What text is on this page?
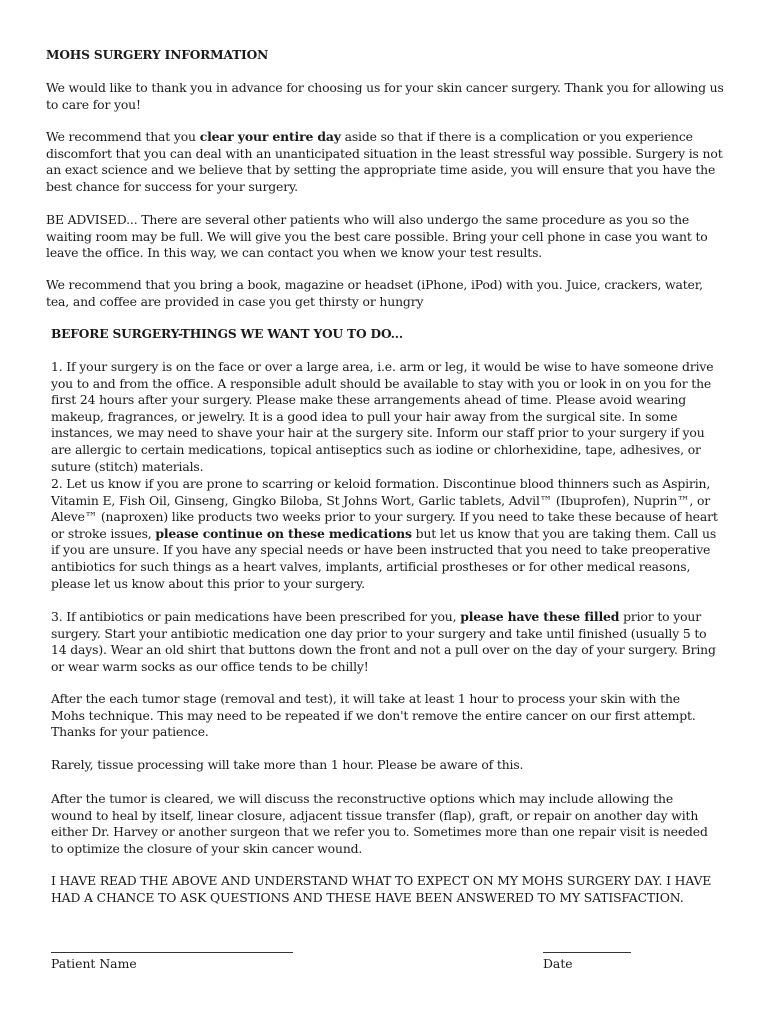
MOHS SURGERY INFORMATION

We would like to thank you in advance for choosing us for your skin cancer surgery. Thank you for allowing us to care for you!

We recommend that you clear your entire day aside so that if there is a complication or you experience discomfort that you can deal with an unanticipated situation in the least stressful way possible. Surgery is not an exact science and we believe that by setting the appropriate time aside, you will ensure that you have the best chance for success for your surgery.

BE ADVISED... There are several other patients who will also undergo the same procedure as you so the waiting room may be full. We will give you the best care possible. Bring your cell phone in case you want to leave the office. In this way, we can contact you when we know your test results.

We recommend that you bring a book, magazine or headset (iPhone, iPod) with you. Juice, crackers, water, tea, and coffee are provided in case you get thirsty or hungry

BEFORE SURGERY-THINGS WE WANT YOU TO DO...

1. If your surgery is on the face or over a large area, i.e. arm or leg, it would be wise to have someone drive you to and from the office. A responsible adult should be available to stay with you or look in on you for the first 24 hours after your surgery. Please make these arrangements ahead of time. Please avoid wearing makeup, fragrances, or jewelry. It is a good idea to pull your hair away from the surgical site. In some instances, we may need to shave your hair at the surgery site. Inform our staff prior to your surgery if you are allergic to certain medications, topical antiseptics such as iodine or chlorhexidine, tape, adhesives, or suture (stitch) materials.

2. Let us know if you are prone to scarring or keloid formation. Discontinue blood thinners such as Aspirin, Vitamin E, Fish Oil, Ginseng, Gingko Biloba, St Johns Wort, Garlic tablets, Advil™ (Ibuprofen), Nuprin™, or Aleve™ (naproxen) like products two weeks prior to your surgery. If you need to take these because of heart or stroke issues, please continue on these medications but let us know that you are taking them. Call us if you are unsure. If you have any special needs or have been instructed that you need to take preoperative antibiotics for such things as a heart valves, implants, artificial prostheses or for other medical reasons, please let us know about this prior to your surgery.

3. If antibiotics or pain medications have been prescribed for you, please have these filled prior to your surgery. Start your antibiotic medication one day prior to your surgery and take until finished (usually 5 to 14 days). Wear an old shirt that buttons down the front and not a pull over on the day of your surgery. Bring or wear warm socks as our office tends to be chilly!

After the each tumor stage (removal and test), it will take at least 1 hour to process your skin with the Mohs technique. This may need to be repeated if we don't remove the entire cancer on our first attempt. Thanks for your patience.

Rarely, tissue processing will take more than 1 hour. Please be aware of this.

After the tumor is cleared, we will discuss the reconstructive options which may include allowing the wound to heal by itself, linear closure, adjacent tissue transfer (flap), graft, or repair on another day with either Dr. Harvey or another surgeon that we refer you to. Sometimes more than one repair visit is needed to optimize the closure of your skin cancer wound.

I HAVE READ THE ABOVE AND UNDERSTAND WHAT TO EXPECT ON MY MOHS SURGERY DAY. I HAVE HAD A CHANCE TO ASK QUESTIONS AND THESE HAVE BEEN ANSWERED TO MY SATISFACTION.

Patient Name	Date
